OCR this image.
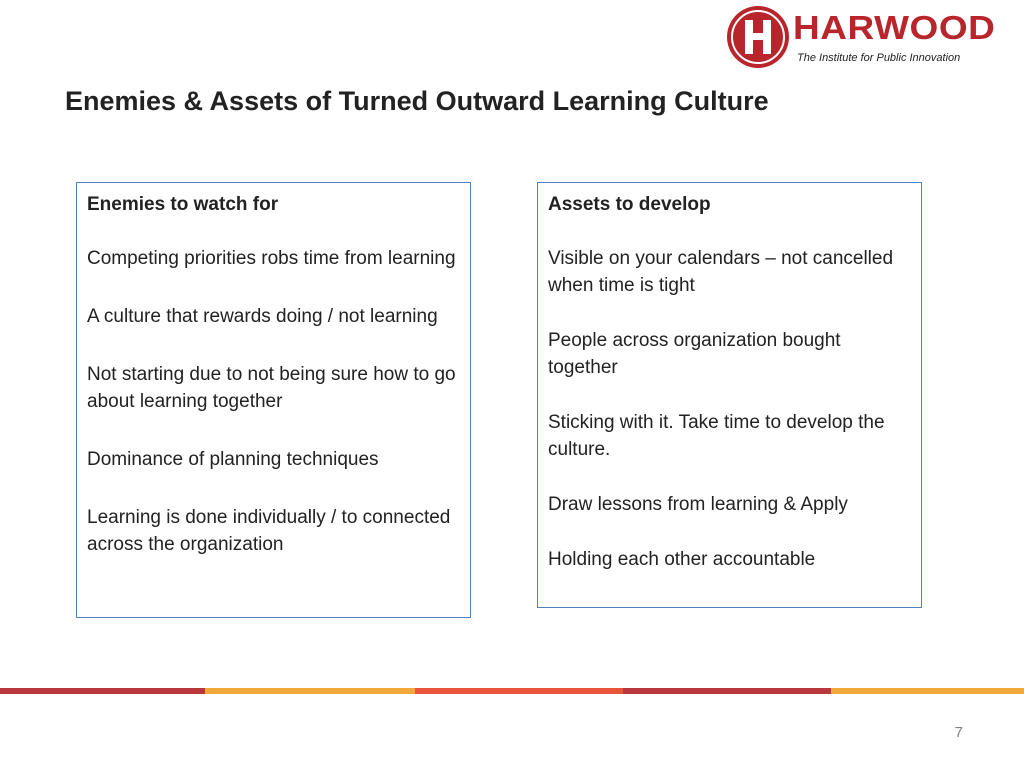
HARWOOD
The Institute for Public Innovation
Enemies & Assets of Turned Outward Learning Culture
Enemies to watch for
Competing priorities robs time from learning
A culture that rewards doing / not learning
Not starting due to not being sure how to go about learning together
Dominance of planning techniques
Learning is done individually / to connected across the organization
Assets to develop
Visible on your calendars – not cancelled when time is tight
People across organization bought together
Sticking with it. Take time to develop the culture.
Draw lessons from learning & Apply
Holding each other accountable
7
